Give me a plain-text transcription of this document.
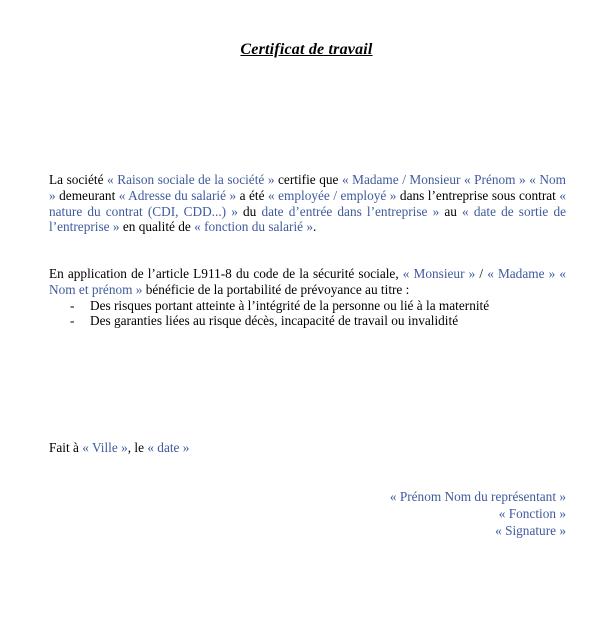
Certificat de travail
La société « Raison sociale de la société » certifie que « Madame / Monsieur « Prénom » « Nom » demeurant « Adresse du salarié » a été « employée / employé » dans l’entreprise sous contrat « nature du contrat (CDI, CDD...) » du date d’entrée dans l’entreprise » au « date de sortie de l’entreprise » en qualité de « fonction du salarié ».
En application de l’article L911-8 du code de la sécurité sociale, « Monsieur » / « Madame » « Nom et prénom » bénéficie de la portabilité de prévoyance au titre :
-	Des risques portant atteinte à l’intégrité de la personne ou lié à la maternité
-	Des garanties liées au risque décès, incapacité de travail ou invalidité
Fait à « Ville », le « date »
« Prénom Nom du représentant »
« Fonction »
« Signature »
